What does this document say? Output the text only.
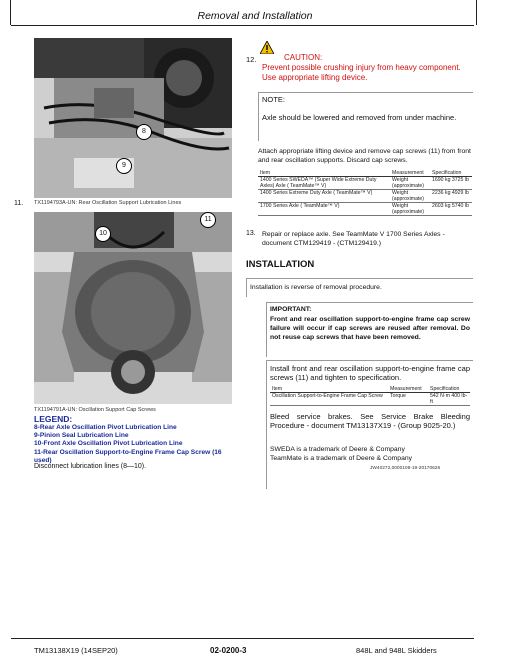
Removal and Installation
11.
8
9
TX1194793A-UN: Rear Oscillation Support Lubrication Lines
10
11
TX1194791A-UN: Oscillation Support Cap Screws
LEGEND:
8-Rear Axle Oscillation Pivot Lubrication Line
9-Pinion Seal Lubrication Line
10-Front Axle Oscillation Pivot Lubrication Line
11-Rear Oscillation Support-to-Engine Frame Cap Screw (16 used)
Disconnect lubrication lines (8—10).
12.	CAUTION:
Prevent possible crushing injury from heavy component. Use appropriate lifting device.
NOTE:
Axle should be lowered and removed from under machine.
Attach appropriate lifting device and remove cap screws (11) from front and rear oscillation supports. Discard cap screws.
Item	Measurement	Specification
1400 Series SWEDA™ (Super Wide Extreme Duty Axles) Axle ( TeamMate™ V)	Weight (approximate)	1690 kg 3725 lb
1400 Series Extreme Duty Axle ( TeamMate™ V)	Weight (approximate)	2236 kg 4929 lb
1700 Series Axle ( TeamMate™ V)	Weight (approximate)	2603 kg 5740 lb
13. Repair or replace axle. See TeamMate V 1700 Series Axles - document CTM129419 - (CTM129419.)
INSTALLATION
Installation is reverse of removal procedure.
IMPORTANT:
Front and rear oscillation support-to-engine frame cap screw failure will occur if cap screws are reused after removal. Do not reuse cap screws that have been removed.
Install front and rear oscillation support-to-engine frame cap screws (11) and tighten to specification.
Item	Measurement	Specification
Oscillation Support-to-Engine Frame Cap Screw	Torque	542 N·m 400 lb-ft
Bleed service brakes. See Service Brake Bleeding Procedure - document TM13137X19 - (Group 9025-20.)
SWEDA is a trademark of Deere & Company
TeamMate is a trademark of Deere & Company
JW40272,0000108-19-20170626
TM13138X19 (14SEP20)	02-0200-3	848L and 948L Skidders
